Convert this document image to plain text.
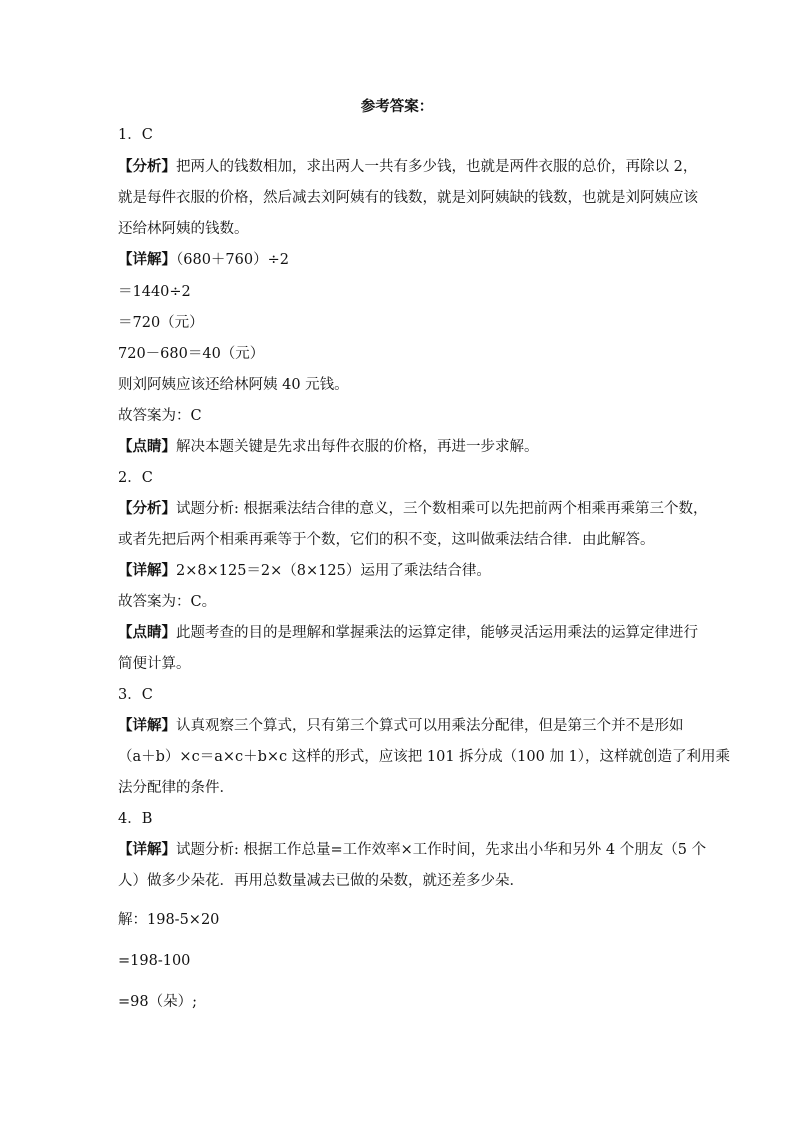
参考答案：
1．C
【分析】把两人的钱数相加，求出两人一共有多少钱，也就是两件衣服的总价，再除以 2，
就是每件衣服的价格，然后减去刘阿姨有的钱数，就是刘阿姨缺的钱数，也就是刘阿姨应该
还给林阿姨的钱数。
【详解】（680＋760）÷2
＝1440÷2
＝720（元）
720－680＝40（元）
则刘阿姨应该还给林阿姨 40 元钱。
故答案为：C
【点睛】解决本题关键是先求出每件衣服的价格，再进一步求解。
2．C
【分析】试题分析: 根据乘法结合律的意义，三个数相乘可以先把前两个相乘再乘第三个数，
或者先把后两个相乘再乘等于个数，它们的积不变，这叫做乘法结合律．由此解答。
【详解】2×8×125＝2×（8×125）运用了乘法结合律。
故答案为：C。
【点睛】此题考查的目的是理解和掌握乘法的运算定律，能够灵活运用乘法的运算定律进行
简便计算。
3．C
【详解】认真观察三个算式，只有第三个算式可以用乘法分配律，但是第三个并不是形如
（a＋b）×c＝a×c＋b×c 这样的形式，应该把 101 拆分成（100 加 1），这样就创造了利用乘
法分配律的条件．
4．B
【详解】试题分析: 根据工作总量=工作效率×工作时间，先求出小华和另外 4 个朋友（5 个
人）做多少朵花．再用总数量减去已做的朵数，就还差多少朵．
解：198-5×20
=198-100
=98（朵）;
